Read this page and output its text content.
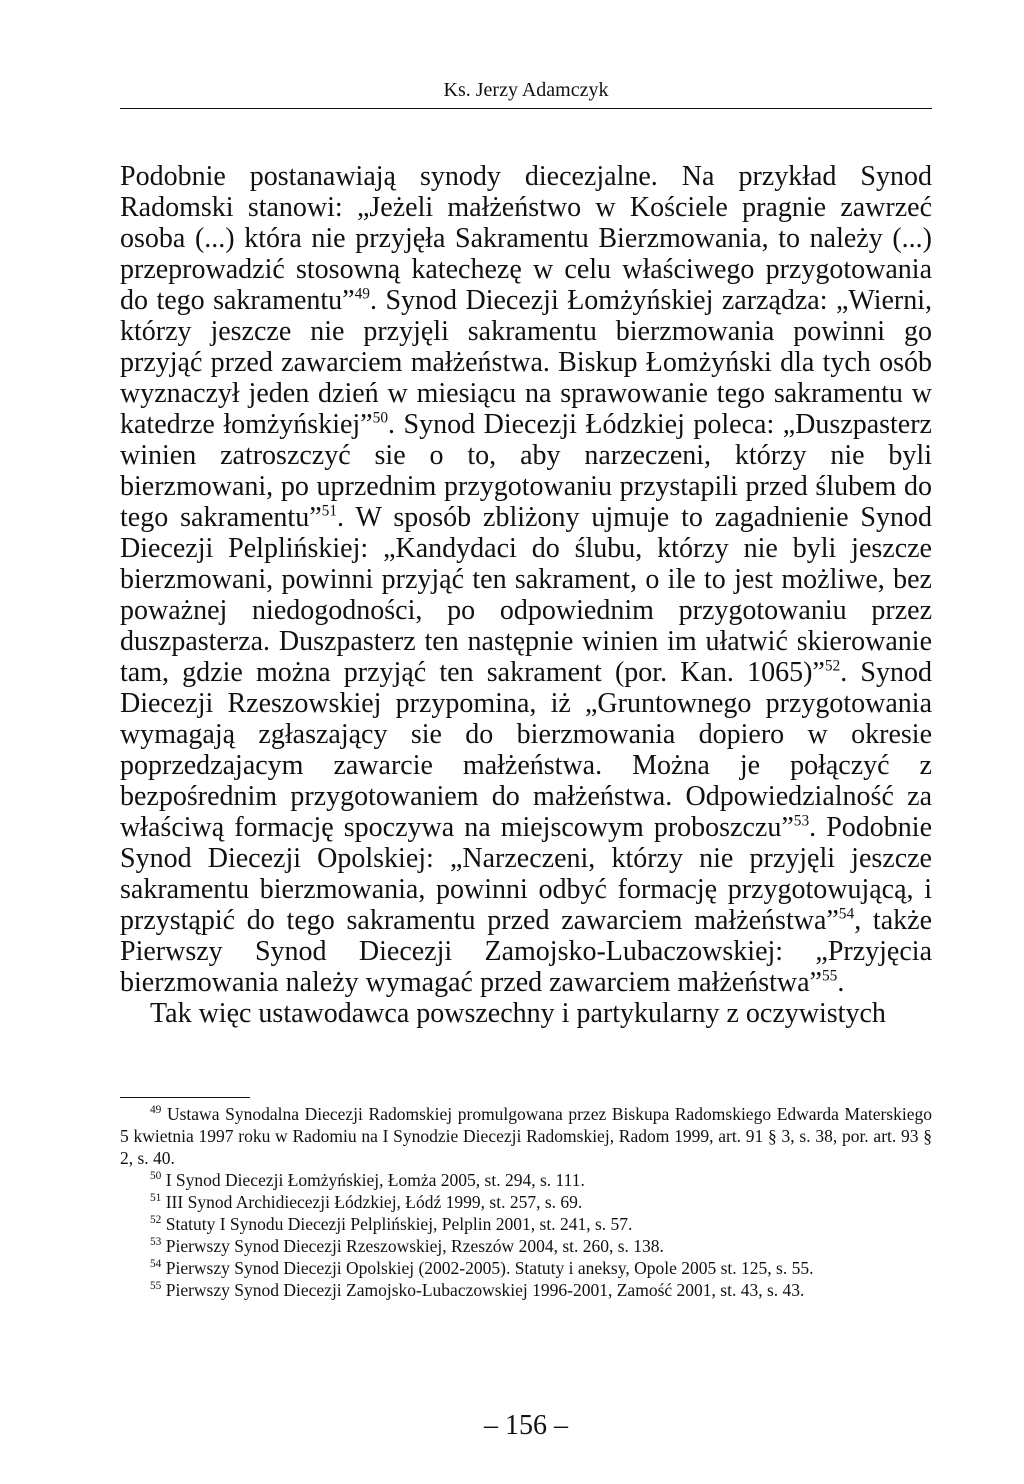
Ks. Jerzy Adamczyk

Podobnie postanawiają synody diecezjalne. Na przykład Synod Radomski stanowi: „Jeżeli małżeństwo w Kościele pragnie zawrzeć osoba (...) która nie przyjęła Sakramentu Bierzmowania, to należy (...) przeprowadzić stosowną katechezę w celu właściwego przygotowania do tego sakramentu”$^{49}$. Synod Diecezji Łomżyńskiej zarządza: „Wierni, którzy jeszcze nie przyjęli sakramentu bierzmowania powinni go przyjąć przed zawarciem małżeństwa. Biskup Łomżyński dla tych osób wyznaczył jeden dzień w miesiącu na sprawowanie tego sakramentu w katedrze łomżyńskiej”$^{50}$. Synod Diecezji Łódzkiej poleca: „Duszpasterz winien zatroszczyć sie o to, aby narzeczeni, którzy nie byli bierzmowani, po uprzednim przygotowaniu przystapili przed ślubem do tego sakramentu”$^{51}$. W sposób zbliżony ujmuje to zagadnienie Synod Diecezji Pelplińskiej: „Kandydaci do ślubu, którzy nie byli jeszcze bierzmowani, powinni przyjąć ten sakrament, o ile to jest możliwe, bez poważnej niedogodności, po odpowiednim przygotowaniu przez duszpasterza. Duszpasterz ten następnie winien im ułatwić skierowanie tam, gdzie można przyjąć ten sakrament (por. Kan. 1065)”$^{52}$. Synod Diecezji Rzeszowskiej przypomina, iż „Gruntownego przygotowania wymagają zgłaszający sie do bierzmowania dopiero w okresie poprzedzajacym zawarcie małżeństwa. Można je połączyć z bezpośrednim przygotowaniem do małżeństwa. Odpowiedzialność za właściwą formację spoczywa na miejscowym proboszczu”$^{53}$. Podobnie Synod Diecezji Opolskiej: „Narzeczeni, którzy nie przyjęli jeszcze sakramentu bierzmowania, powinni odbyć formację przygotowującą, i przystąpić do tego sakramentu przed zawarciem małżeństwa”$^{54}$, także Pierwszy Synod Diecezji Zamojsko-Lubaczowskiej: „Przyjęcia bierzmowania należy wymagać przed zawarciem małżeństwa”$^{55}$.

Tak więc ustawodawca powszechny i partykularny z oczywistych

$^{49}$ Ustawa Synodalna Diecezji Radomskiej promulgowana przez Biskupa Radomskiego Edwarda Materskiego 5 kwietnia 1997 roku w Radomiu na I Synodzie Diecezji Radomskiej, Radom 1999, art. 91 § 3, s. 38, por. art. 93 § 2, s. 40.

$^{50}$ I Synod Diecezji Łomżyńskiej, Łomża 2005, st. 294, s. 111.

$^{51}$ III Synod Archidiecezji Łódzkiej, Łódź 1999, st. 257, s. 69.

$^{52}$ Statuty I Synodu Diecezji Pelplińskiej, Pelplin 2001, st. 241, s. 57.

$^{53}$ Pierwszy Synod Diecezji Rzeszowskiej, Rzeszów 2004, st. 260, s. 138.

$^{54}$ Pierwszy Synod Diecezji Opolskiej (2002-2005). Statuty i aneksy, Opole 2005 st. 125, s. 55.

$^{55}$ Pierwszy Synod Diecezji Zamojsko-Lubaczowskiej 1996-2001, Zamość 2001, st. 43, s. 43.

– 156 –
